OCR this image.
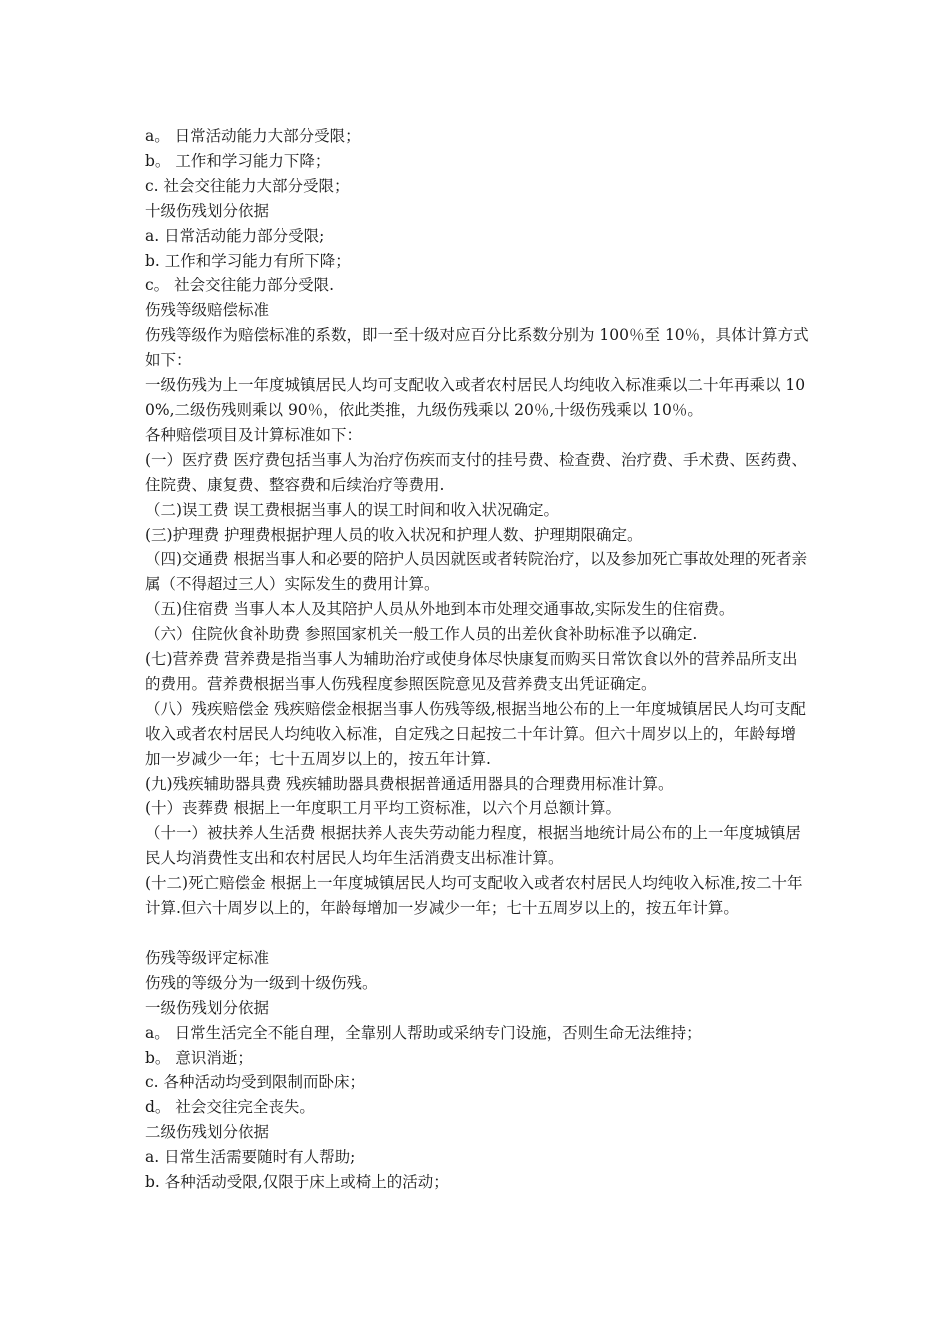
a。 日常活动能力大部分受限；

b。 工作和学习能力下降；

c. 社会交往能力大部分受限；

十级伤残划分依据

a. 日常活动能力部分受限;

b. 工作和学习能力有所下降；

c。 社会交往能力部分受限.

伤残等级赔偿标准

伤残等级作为赔偿标准的系数，即一至十级对应百分比系数分别为 100％至 10％，具体计算方式如下：

一级伤残为上一年度城镇居民人均可支配收入或者农村居民人均纯收入标准乘以二十年再乘以 100%,二级伤残则乘以 90％，依此类推，九级伤残乘以 20％,十级伤残乘以 10％。

各种赔偿项目及计算标准如下：

(一）医疗费 医疗费包括当事人为治疗伤疾而支付的挂号费、检查费、治疗费、手术费、医药费、住院费、康复费、整容费和后续治疗等费用.

（二)误工费 误工费根据当事人的误工时间和收入状况确定。

(三)护理费 护理费根据护理人员的收入状况和护理人数、护理期限确定。

（四)交通费 根据当事人和必要的陪护人员因就医或者转院治疗，以及参加死亡事故处理的死者亲属（不得超过三人）实际发生的费用计算。

（五)住宿费 当事人本人及其陪护人员从外地到本市处理交通事故,实际发生的住宿费。

（六）住院伙食补助费 参照国家机关一般工作人员的出差伙食补助标准予以确定.

(七)营养费 营养费是指当事人为辅助治疗或使身体尽快康复而购买日常饮食以外的营养品所支出的费用。营养费根据当事人伤残程度参照医院意见及营养费支出凭证确定。

（八）残疾赔偿金 残疾赔偿金根据当事人伤残等级,根据当地公布的上一年度城镇居民人均可支配收入或者农村居民人均纯收入标准，自定残之日起按二十年计算。但六十周岁以上的，年龄每增加一岁减少一年；七十五周岁以上的，按五年计算.

(九)残疾辅助器具费 残疾辅助器具费根据普通适用器具的合理费用标准计算。

(十）丧葬费 根据上一年度职工月平均工资标准，以六个月总额计算。

（十一）被扶养人生活费 根据扶养人丧失劳动能力程度，根据当地统计局公布的上一年度城镇居民人均消费性支出和农村居民人均年生活消费支出标准计算。

(十二)死亡赔偿金 根据上一年度城镇居民人均可支配收入或者农村居民人均纯收入标准,按二十年计算.但六十周岁以上的，年龄每增加一岁减少一年；七十五周岁以上的，按五年计算。

伤残等级评定标准

伤残的等级分为一级到十级伤残。

一级伤残划分依据

a。 日常生活完全不能自理，全靠别人帮助或采纳专门设施，否则生命无法维持；

b。 意识消逝；

c. 各种活动均受到限制而卧床；

d。 社会交往完全丧失。

二级伤残划分依据

a. 日常生活需要随时有人帮助;

b. 各种活动受限,仅限于床上或椅上的活动；
